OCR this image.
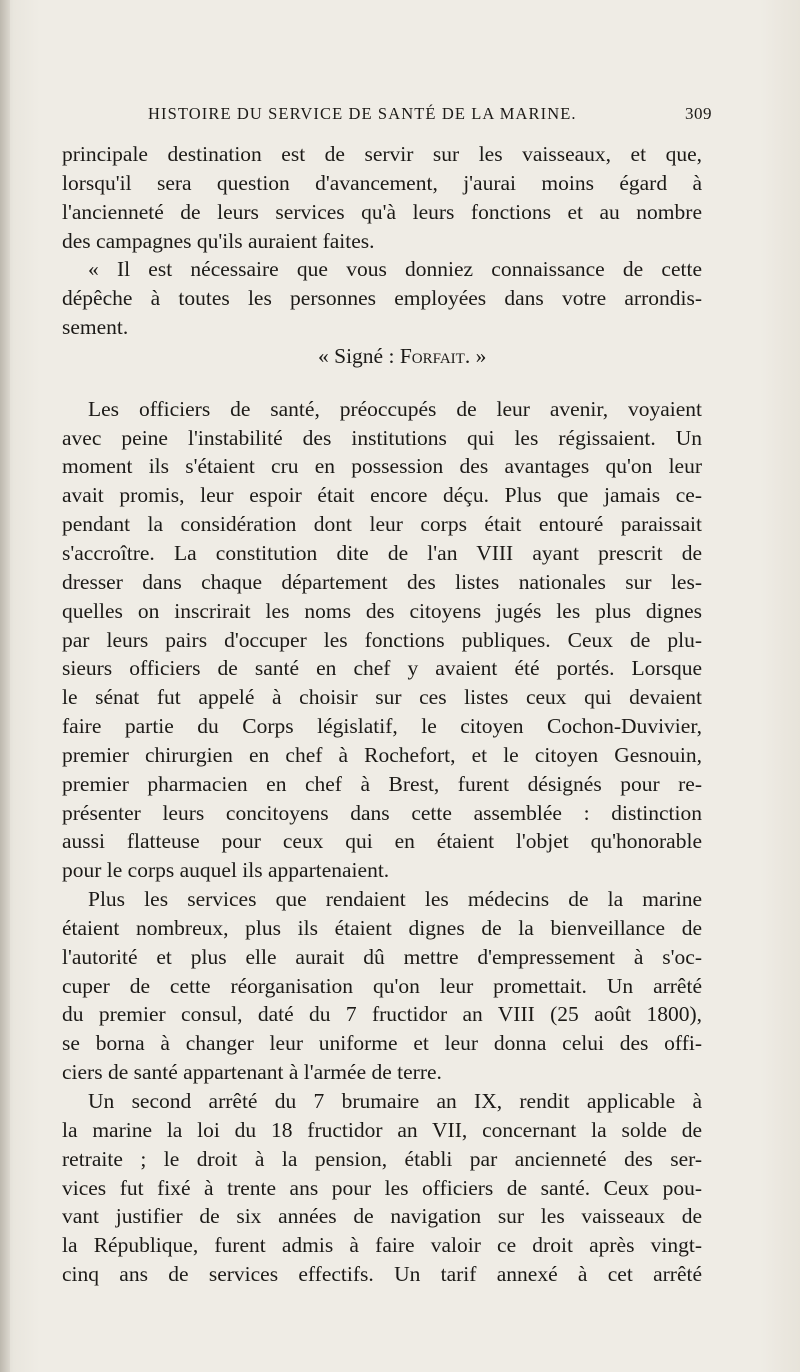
HISTOIRE DU SERVICE DE SANTÉ DE LA MARINE.	309
principale destination est de servir sur les vaisseaux, et que,
lorsqu'il sera question d'avancement, j'aurai moins égard à
l'ancienneté de leurs services qu'à leurs fonctions et au nombre
des campagnes qu'ils auraient faites.
« Il est nécessaire que vous donniez connaissance de cette
dépêche à toutes les personnes employées dans votre arrondis-
sement.
« Signé : Forfait. »
Les officiers de santé, préoccupés de leur avenir, voyaient
avec peine l'instabilité des institutions qui les régissaient. Un
moment ils s'étaient cru en possession des avantages qu'on leur
avait promis, leur espoir était encore déçu. Plus que jamais ce-
pendant la considération dont leur corps était entouré paraissait
s'accroître. La constitution dite de l'an VIII ayant prescrit de
dresser dans chaque département des listes nationales sur les-
quelles on inscrirait les noms des citoyens jugés les plus dignes
par leurs pairs d'occuper les fonctions publiques. Ceux de plu-
sieurs officiers de santé en chef y avaient été portés. Lorsque
le sénat fut appelé à choisir sur ces listes ceux qui devaient
faire partie du Corps législatif, le citoyen Cochon-Duvivier,
premier chirurgien en chef à Rochefort, et le citoyen Gesnouin,
premier pharmacien en chef à Brest, furent désignés pour re-
présenter leurs concitoyens dans cette assemblée : distinction
aussi flatteuse pour ceux qui en étaient l'objet qu'honorable
pour le corps auquel ils appartenaient.
Plus les services que rendaient les médecins de la marine
étaient nombreux, plus ils étaient dignes de la bienveillance de
l'autorité et plus elle aurait dû mettre d'empressement à s'oc-
cuper de cette réorganisation qu'on leur promettait. Un arrêté
du premier consul, daté du 7 fructidor an VIII (25 août 1800),
se borna à changer leur uniforme et leur donna celui des offi-
ciers de santé appartenant à l'armée de terre.
Un second arrêté du 7 brumaire an IX, rendit applicable à
la marine la loi du 18 fructidor an VII, concernant la solde de
retraite ; le droit à la pension, établi par ancienneté des ser-
vices fut fixé à trente ans pour les officiers de santé. Ceux pou-
vant justifier de six années de navigation sur les vaisseaux de
la République, furent admis à faire valoir ce droit après vingt-
cinq ans de services effectifs. Un tarif annexé à cet arrêté
